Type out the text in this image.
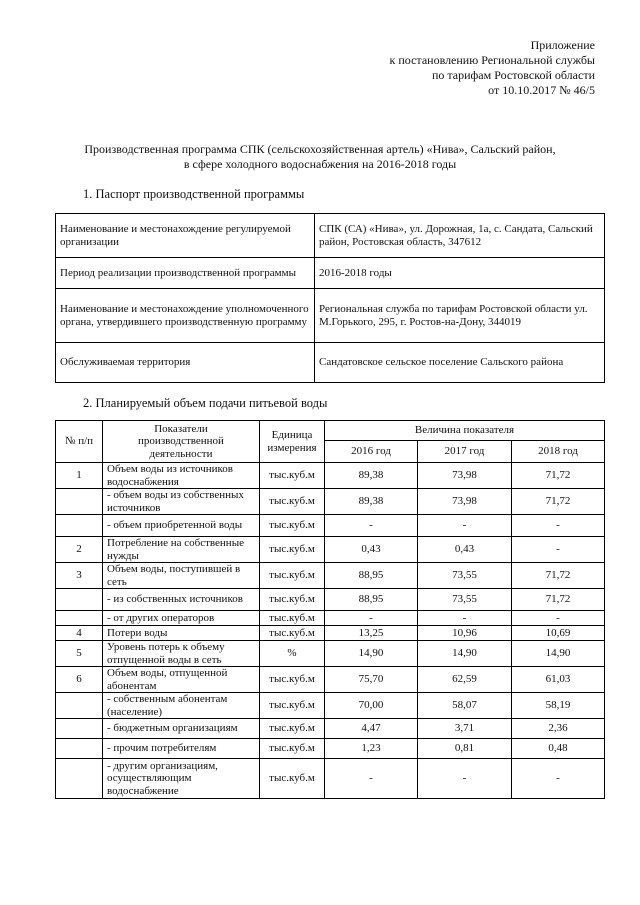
Приложение
к постановлению Региональной службы
по тарифам Ростовской области
от 10.10.2017 № 46/5
Производственная программа СПК (сельскохозяйственная артель) «Нива», Сальский район,
в сфере холодного водоснабжения на 2016-2018 годы
1. Паспорт производственной программы
Наименование и местонахождение регулируемой организации	СПК (СА) «Нива», ул. Дорожная, 1а, с. Сандата, Сальский район, Ростовская область, 347612
Период реализации производственной программы	2016-2018 годы
Наименование и местонахождение уполномоченного органа, утвердившего производственную программу	Региональная служба по тарифам Ростовской области ул. М.Горького, 295, г. Ростов-на-Дону, 344019
Обслуживаемая территория	Сандатовское сельское поселение Сальского района
2. Планируемый объем подачи питьевой воды
№ п/п	Показатели производственной деятельности	Единица измерения	Величина показателя		
			2016 год	2017 год	2018 год
1	Объем воды из источников водоснабжения	тыс.куб.м	89,38	73,98	71,72
	- объем воды из собственных источников	тыс.куб.м	89,38	73,98	71,72
	- объем приобретенной воды	тыс.куб.м	-	-	-
2	Потребление на собственные нужды	тыс.куб.м	0,43	0,43	-
3	Объем воды, поступившей в сеть	тыс.куб.м	88,95	73,55	71,72
	- из собственных источников	тыс.куб.м	88,95	73,55	71,72
	- от других операторов	тыс.куб.м	-	-	-
4	Потери воды	тыс.куб.м	13,25	10,96	10,69
5	Уровень потерь к объему отпущенной воды в сеть	%	14,90	14,90	14,90
6	Объем воды, отпущенной абонентам	тыс.куб.м	75,70	62,59	61,03
	- собственным абонентам (население)	тыс.куб.м	70,00	58,07	58,19
	- бюджетным организациям	тыс.куб.м	4,47	3,71	2,36
	- прочим потребителям	тыс.куб.м	1,23	0,81	0,48
	- другим организациям, осуществляющим водоснабжение	тыс.куб.м	-	-	-
